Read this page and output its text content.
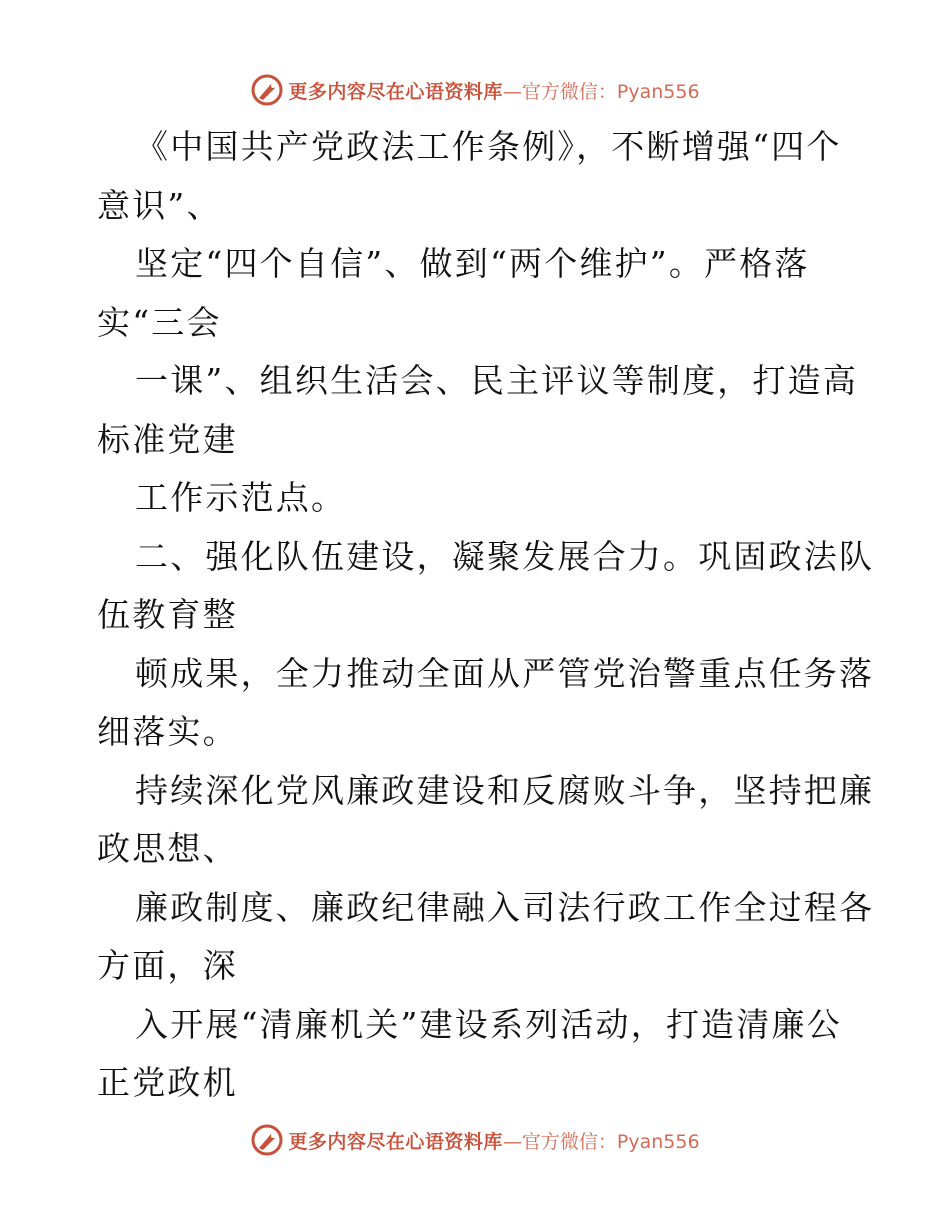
更多内容尽在心语资料库 —官方微信：Pyan556
《中国共产党政法工作条例》，不断增强“四个
意识”、
坚定“四个自信”、做到“两个维护”。严格落
实“三会
一课”、组织生活会、民主评议等制度，打造高
标准党建
工作示范点。
二、强化队伍建设，凝聚发展合力。巩固政法队
伍教育整
顿成果，全力推动全面从严管党治警重点任务落
细落实。
持续深化党风廉政建设和反腐败斗争，坚持把廉
政思想、
廉政制度、廉政纪律融入司法行政工作全过程各
方面，深
入开展“清廉机关”建设系列活动，打造清廉公
正党政机
更多内容尽在心语资料库 —官方微信：Pyan556
